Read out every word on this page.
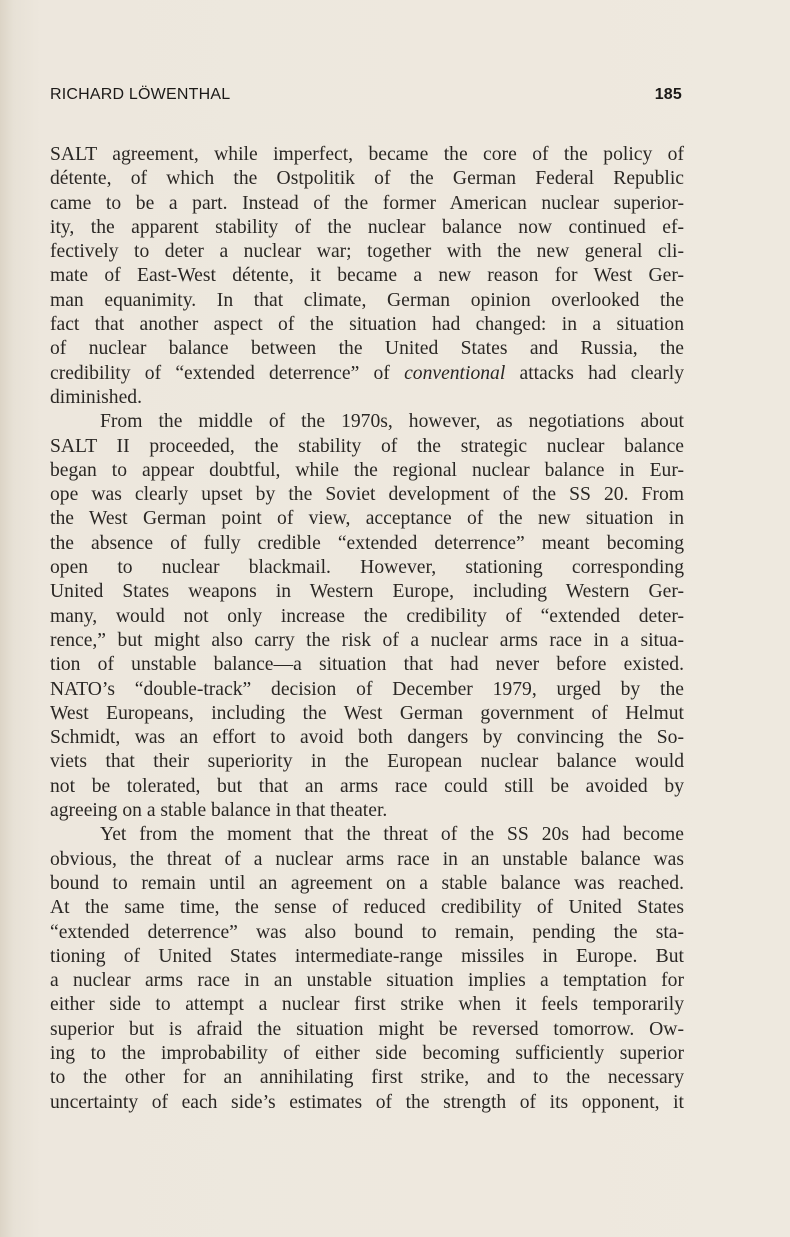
RICHARD LÖWENTHAL	185
SALT agreement, while imperfect, became the core of the policy of
détente, of which the Ostpolitik of the German Federal Republic
came to be a part. Instead of the former American nuclear superior-
ity, the apparent stability of the nuclear balance now continued ef-
fectively to deter a nuclear war; together with the new general cli-
mate of East-West détente, it became a new reason for West Ger-
man equanimity. In that climate, German opinion overlooked the
fact that another aspect of the situation had changed: in a situation
of nuclear balance between the United States and Russia, the
credibility of “extended deterrence” of conventional attacks had clearly
diminished.
From the middle of the 1970s, however, as negotiations about
SALT II proceeded, the stability of the strategic nuclear balance
began to appear doubtful, while the regional nuclear balance in Eur-
ope was clearly upset by the Soviet development of the SS 20. From
the West German point of view, acceptance of the new situation in
the absence of fully credible “extended deterrence” meant becoming
open to nuclear blackmail. However, stationing corresponding
United States weapons in Western Europe, including Western Ger-
many, would not only increase the credibility of “extended deter-
rence,” but might also carry the risk of a nuclear arms race in a situa-
tion of unstable balance—a situation that had never before existed.
NATO’s “double-track” decision of December 1979, urged by the
West Europeans, including the West German government of Helmut
Schmidt, was an effort to avoid both dangers by convincing the So-
viets that their superiority in the European nuclear balance would
not be tolerated, but that an arms race could still be avoided by
agreeing on a stable balance in that theater.
Yet from the moment that the threat of the SS 20s had become
obvious, the threat of a nuclear arms race in an unstable balance was
bound to remain until an agreement on a stable balance was reached.
At the same time, the sense of reduced credibility of United States
“extended deterrence” was also bound to remain, pending the sta-
tioning of United States intermediate-range missiles in Europe. But
a nuclear arms race in an unstable situation implies a temptation for
either side to attempt a nuclear first strike when it feels temporarily
superior but is afraid the situation might be reversed tomorrow. Ow-
ing to the improbability of either side becoming sufficiently superior
to the other for an annihilating first strike, and to the necessary
uncertainty of each side’s estimates of the strength of its opponent, it
